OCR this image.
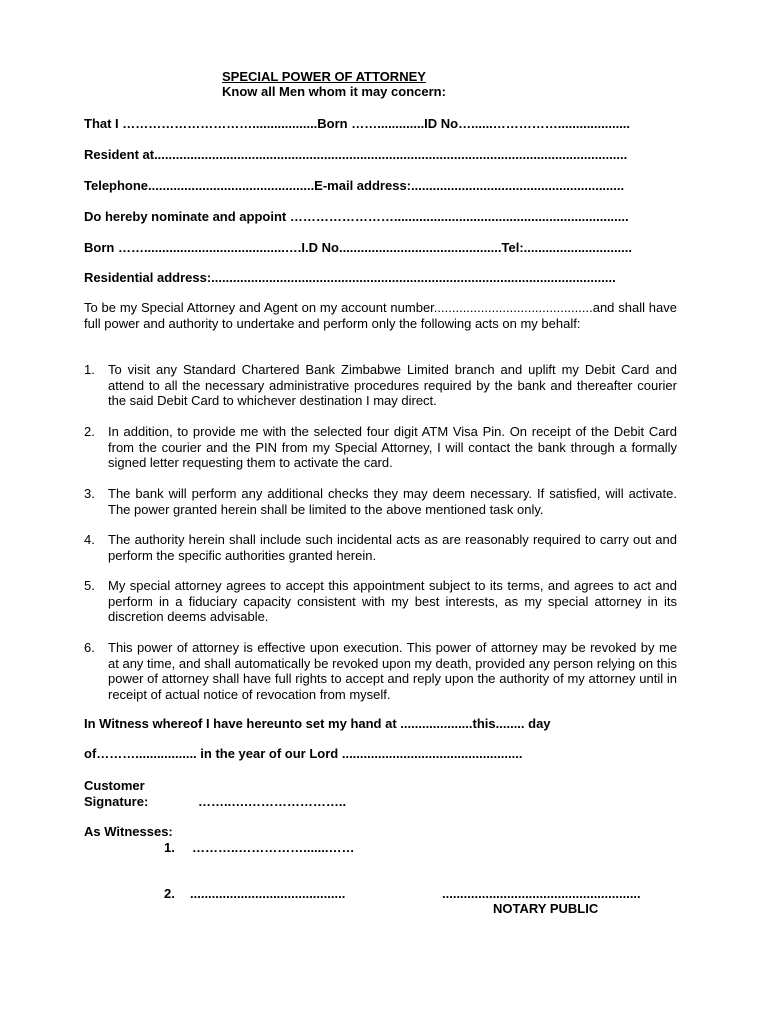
SPECIAL POWER OF ATTORNEY
Know all Men whom it may concern:
That I …………………………..................Born …….............ID No…......……………....................
Resident at...................................................................................................................................
Telephone..............................................E-mail address:...........................................................
Do hereby nominate and appoint …………………….................................................................
Born …….......................................….I.D No.............................................Tel:..............................
Residential address:................................................................................................................
To be my Special Attorney and Agent on my account number............................................and shall have full power and authority to undertake and perform only the following acts on my behalf:
1. To visit any Standard Chartered Bank Zimbabwe Limited branch and uplift my Debit Card and attend to all the necessary administrative procedures required by the bank and thereafter courier the said Debit Card to whichever destination I may direct.
2. In addition, to provide me with the selected four digit ATM Visa Pin. On receipt of the Debit Card from the courier and the PIN from my Special Attorney, I will contact the bank through a formally signed letter requesting them to activate the card.
3. The bank will perform any additional checks they may deem necessary. If satisfied, will activate. The power granted herein shall be limited to the above mentioned task only.
4. The authority herein shall include such incidental acts as are reasonably required to carry out and perform the specific authorities granted herein.
5. My special attorney agrees to accept this appointment subject to its terms, and agrees to act and perform in a fiduciary capacity consistent with my best interests, as my special attorney in its discretion deems advisable.
6. This power of attorney is effective upon execution. This power of attorney may be revoked by me at any time, and shall automatically be revoked upon my death, provided any person relying on this power of attorney shall have full rights to accept and reply upon the authority of my attorney until in receipt of actual notice of revocation from myself.
In Witness whereof I have hereunto set my hand at ....................this........ day
of………................. in the year of our Lord ..................................................
Customer
Signature:	……..….…………………..
As Witnesses:
1. ………..…………….......……
2. ...........................................	.......................................................
NOTARY PUBLIC
